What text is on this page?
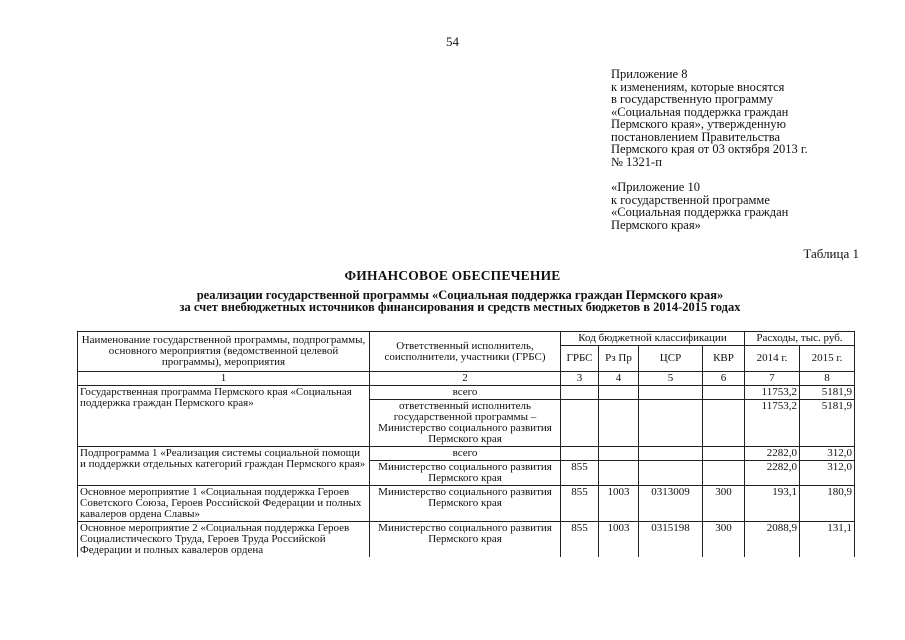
54
Приложение 8
к изменениям, которые вносятся
в государственную программу
«Социальная поддержка граждан
Пермского края», утвержденную
постановлением Правительства
Пермского края от 03 октября 2013 г.
№ 1321-п
«Приложение 10
к государственной программе
«Социальная поддержка граждан
Пермского края»
Таблица 1
ФИНАНСОВОЕ ОБЕСПЕЧЕНИЕ
реализации государственной программы «Социальная поддержка граждан Пермского края»
за счет внебюджетных источников финансирования и средств местных бюджетов в 2014-2015 годах
Наименование государственной программы, подпрограммы, основного мероприятия (ведомственной целевой программы), мероприятия	Ответственный исполнитель, соисполнители, участники (ГРБС)	Код бюджетной классификации				Расходы, тыс. руб.	
		ГРБС	Рз Пр	ЦСР	КВР	2014 г.	2015 г.
1	2	3	4	5	6	7	8
Государственная программа Пермского края «Социальная поддержка граждан Пермского края»	всего					11753,2	5181,9
	ответственный исполнитель государственной программы – Министерство социального развития Пермского края					11753,2	5181,9
Подпрограмма 1 «Реализация системы социальной помощи и поддержки отдельных категорий граждан Пермского края»	всего					2282,0	312,0
	Министерство социального развития Пермского края	855				2282,0	312,0
Основное мероприятие 1 «Социальная поддержка Героев Советского Союза, Героев Российской Федерации и полных кавалеров ордена Славы»	Министерство социального развития Пермского края	855	1003	0313009	300	193,1	180,9
Основное мероприятие 2 «Социальная поддержка Героев Социалистического Труда, Героев Труда Российской Федерации и полных кавалеров ордена	Министерство социального развития Пермского края	855	1003	0315198	300	2088,9	131,1
